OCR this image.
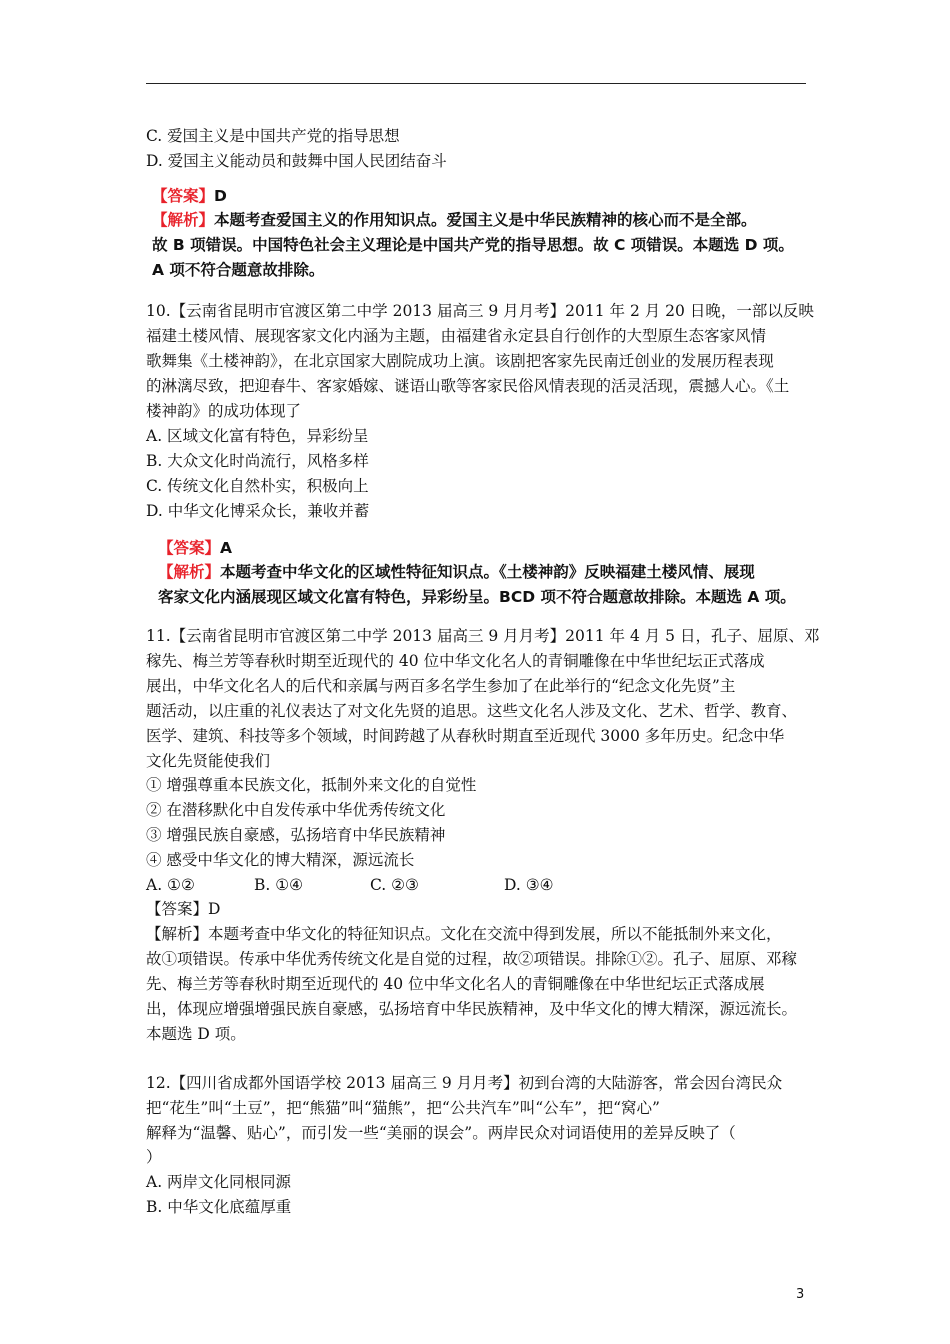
C. 爱国主义是中国共产党的指导思想
D. 爱国主义能动员和鼓舞中国人民团结奋斗
【答案】D
【解析】本题考查爱国主义的作用知识点。爱国主义是中华民族精神的核心而不是全部。
故 B 项错误。中国特色社会主义理论是中国共产党的指导思想。故 C 项错误。本题选 D 项。
A 项不符合题意故排除。
10.【云南省昆明市官渡区第二中学 2013 届高三 9 月月考】2011 年 2 月 20 日晚，一部以反映
福建土楼风情、展现客家文化内涵为主题，由福建省永定县自行创作的大型原生态客家风情
歌舞集《土楼神韵》，在北京国家大剧院成功上演。该剧把客家先民南迁创业的发展历程表现
的淋漓尽致，把迎春牛、客家婚嫁、谜语山歌等客家民俗风情表现的活灵活现，震撼人心。《土
楼神韵》的成功体现了
A. 区域文化富有特色，异彩纷呈
B. 大众文化时尚流行，风格多样
C. 传统文化自然朴实，积极向上
D. 中华文化博采众长，兼收并蓄
【答案】A
【解析】本题考查中华文化的区域性特征知识点。《土楼神韵》反映福建土楼风情、展现
客家文化内涵展现区域文化富有特色，异彩纷呈。BCD 项不符合题意故排除。本题选 A 项。
11.【云南省昆明市官渡区第二中学 2013 届高三 9 月月考】2011 年 4 月 5 日，孔子、屈原、邓
稼先、梅兰芳等春秋时期至近现代的 40 位中华文化名人的青铜雕像在中华世纪坛正式落成
展出，中华文化名人的后代和亲属与两百多名学生参加了在此举行的“纪念文化先贤”主
题活动，以庄重的礼仪表达了对文化先贤的追思。这些文化名人涉及文化、艺术、哲学、教育、
医学、建筑、科技等多个领域，时间跨越了从春秋时期直至近现代 3000 多年历史。纪念中华
文化先贤能使我们
① 增强尊重本民族文化，抵制外来文化的自觉性
② 在潜移默化中自发传承中华优秀传统文化
③ 增强民族自豪感，弘扬培育中华民族精神
④ 感受中华文化的博大精深，源远流长
A. ①②	B. ①④	C. ②③	D. ③④
【答案】D
【解析】本题考查中华文化的特征知识点。文化在交流中得到发展，所以不能抵制外来文化，
故①项错误。传承中华优秀传统文化是自觉的过程，故②项错误。排除①②。孔子、屈原、邓稼
先、梅兰芳等春秋时期至近现代的 40 位中华文化名人的青铜雕像在中华世纪坛正式落成展
出，体现应增强增强民族自豪感，弘扬培育中华民族精神，及中华文化的博大精深，源远流长。
本题选 D 项。
12.【四川省成都外国语学校 2013 届高三 9 月月考】初到台湾的大陆游客，常会因台湾民众
把“花生”叫“土豆”，把“熊猫”叫“猫熊”，把“公共汽车”叫“公车”，把“窝心”
解释为“温馨、贴心”，而引发一些“美丽的误会”。两岸民众对词语使用的差异反映了（
）
A. 两岸文化同根同源
B. 中华文化底蕴厚重
3
